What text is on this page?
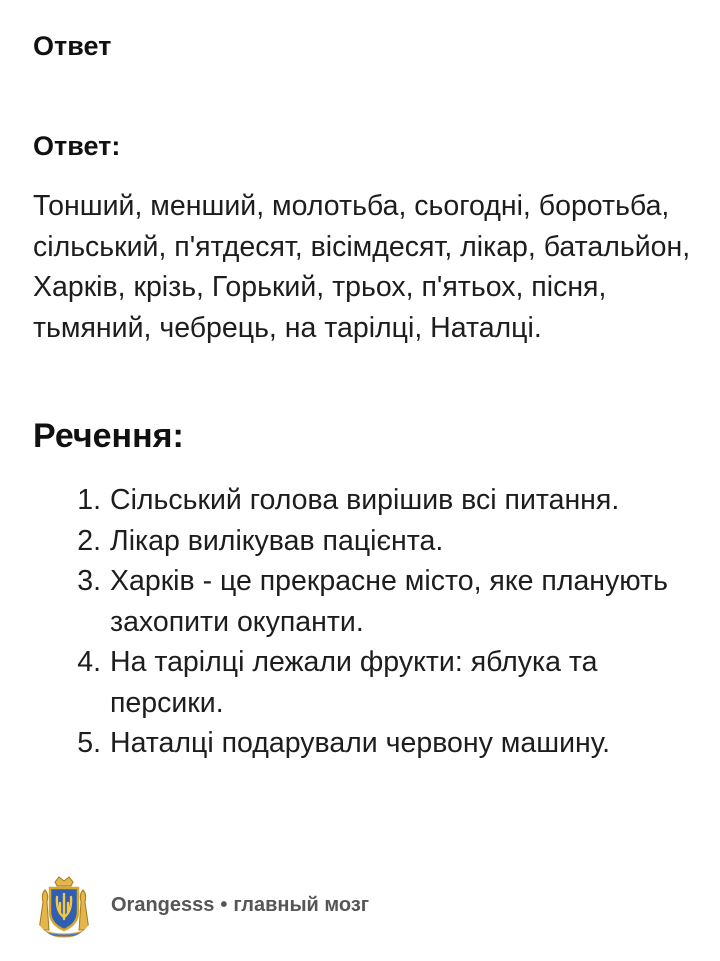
Ответ
Ответ:

Тонший, менший, молотьба, сьогодні, боротьба, сільський, п'ятдесят, вісімдесят, лікар, батальйон, Харків, крізь, Горький, трьох, п'ятьох, пісня, тьмяний, чебрець, на тарілці, Наталці.

Речення:
1. Сільський голова вирішив всі питання.
2. Лікар вилікував пацієнта.
3. Харків - це прекрасне місто, яке планують захопити окупанти.
4. На тарілці лежали фрукти: яблука та персики.
5. Наталці подарували червону машину.
Orangesss • главный мозг
